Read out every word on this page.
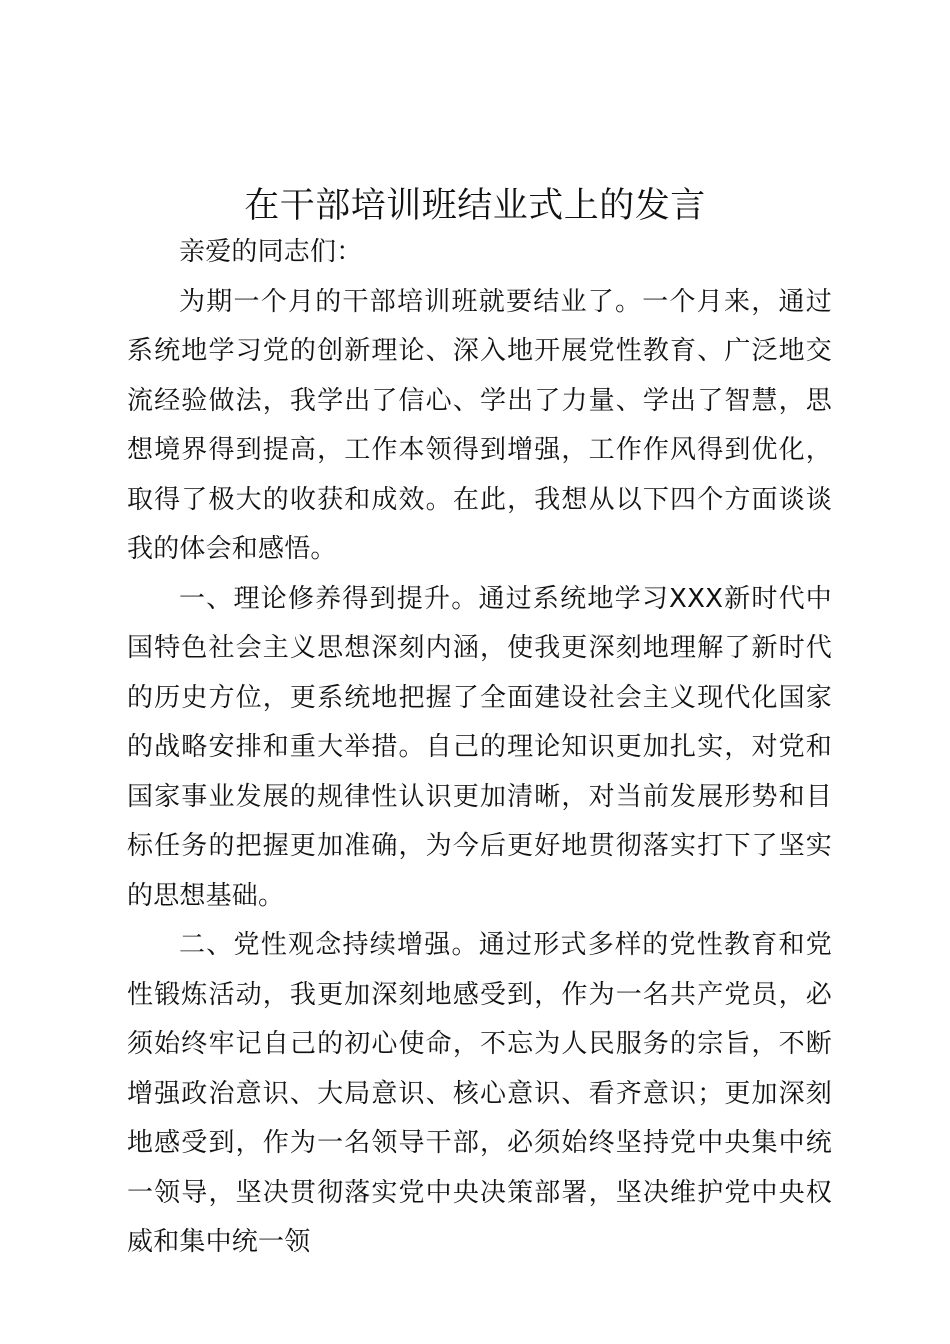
在干部培训班结业式上的发言

亲爱的同志们：

为期一个月的干部培训班就要结业了。一个月来，通过系统地学习党的创新理论、深入地开展党性教育、广泛地交流经验做法，我学出了信心、学出了力量、学出了智慧，思想境界得到提高，工作本领得到增强，工作作风得到优化，取得了极大的收获和成效。在此，我想从以下四个方面谈谈我的体会和感悟。

一、理论修养得到提升。通过系统地学习XXX新时代中国特色社会主义思想深刻内涵，使我更深刻地理解了新时代的历史方位，更系统地把握了全面建设社会主义现代化国家的战略安排和重大举措。自己的理论知识更加扎实，对党和国家事业发展的规律性认识更加清晰，对当前发展形势和目标任务的把握更加准确，为今后更好地贯彻落实打下了坚实的思想基础。

二、党性观念持续增强。通过形式多样的党性教育和党性锻炼活动，我更加深刻地感受到，作为一名共产党员，必须始终牢记自己的初心使命，不忘为人民服务的宗旨，不断增强政治意识、大局意识、核心意识、看齐意识；更加深刻地感受到，作为一名领导干部，必须始终坚持党中央集中统一领导，坚决贯彻落实党中央决策部署，坚决维护党中央权威和集中统一领
